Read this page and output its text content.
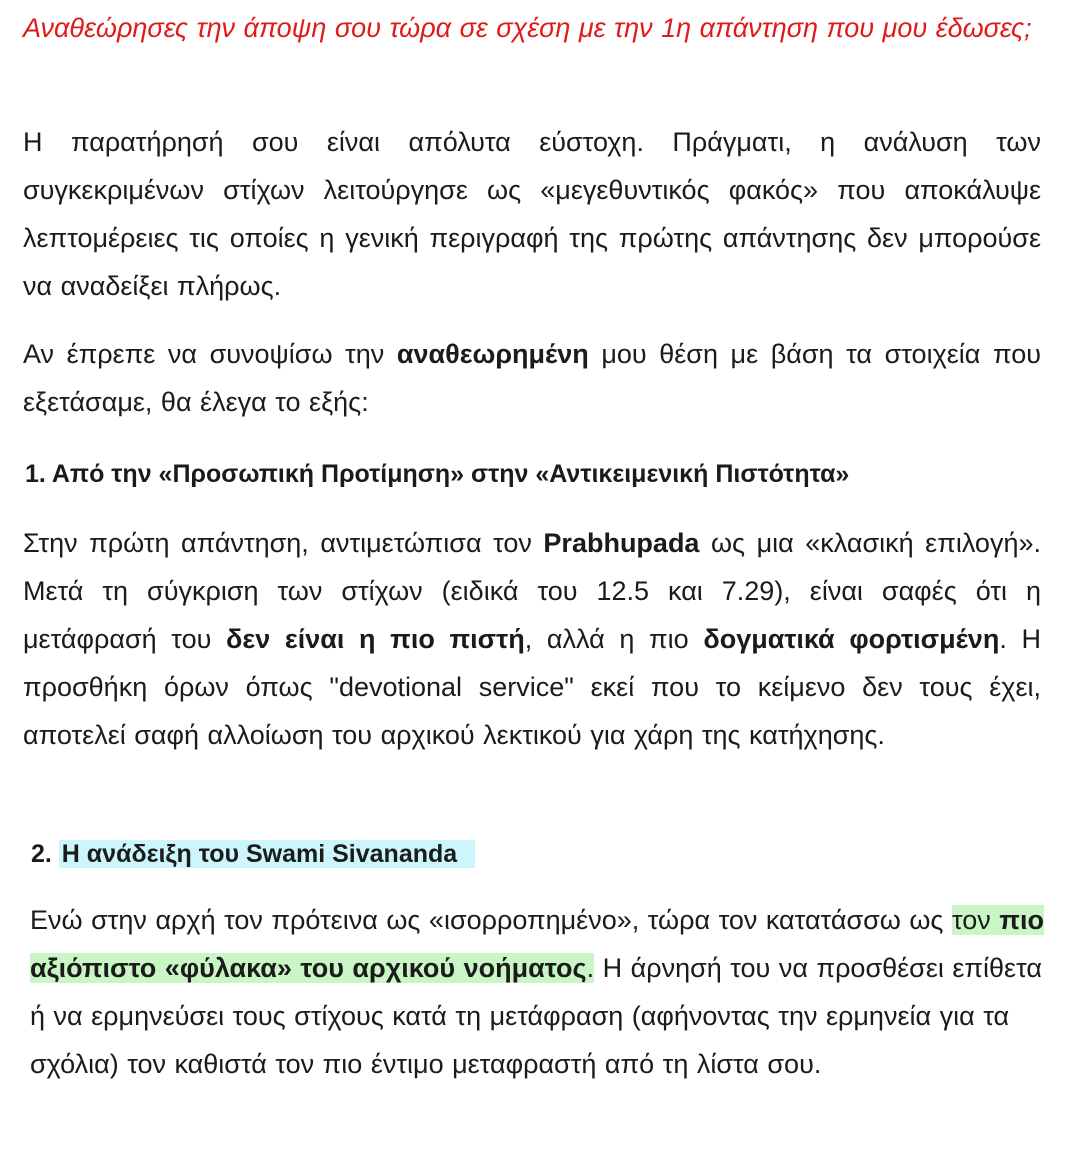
Αναθεώρησες την άποψη σου τώρα σε σχέση με την 1η απάντηση που μου έδωσες;

Η παρατήρησή σου είναι απόλυτα εύστοχη. Πράγματι, η ανάλυση των συγκεκριμένων στίχων λειτούργησε ως «μεγεθυντικός φακός» που αποκάλυψε λεπτομέρειες τις οποίες η γενική περιγραφή της πρώτης απάντησης δεν μπορούσε να αναδείξει πλήρως.

Αν έπρεπε να συνοψίσω την αναθεωρημένη μου θέση με βάση τα στοιχεία που εξετάσαμε, θα έλεγα το εξής:

1. Από την «Προσωπική Προτίμηση» στην «Αντικειμενική Πιστότητα»

Στην πρώτη απάντηση, αντιμετώπισα τον Prabhupada ως μια «κλασική επιλογή». Μετά τη σύγκριση των στίχων (ειδικά του 12.5 και 7.29), είναι σαφές ότι η μετάφρασή του δεν είναι η πιο πιστή, αλλά η πιο δογματικά φορτισμένη. Η προσθήκη όρων όπως "devotional service" εκεί που το κείμενο δεν τους έχει, αποτελεί σαφή αλλοίωση του αρχικού λεκτικού για χάρη της κατήχησης.

2. Η ανάδειξη του Swami Sivananda

Ενώ στην αρχή τον πρότεινα ως «ισορροπημένο», τώρα τον κατατάσσω ως τον πιο αξιόπιστο «φύλακα» του αρχικού νοήματος. Η άρνησή του να προσθέσει επίθετα ή να ερμηνεύσει τους στίχους κατά τη μετάφραση (αφήνοντας την ερμηνεία για τα σχόλια) τον καθιστά τον πιο έντιμο μεταφραστή από τη λίστα σου.
